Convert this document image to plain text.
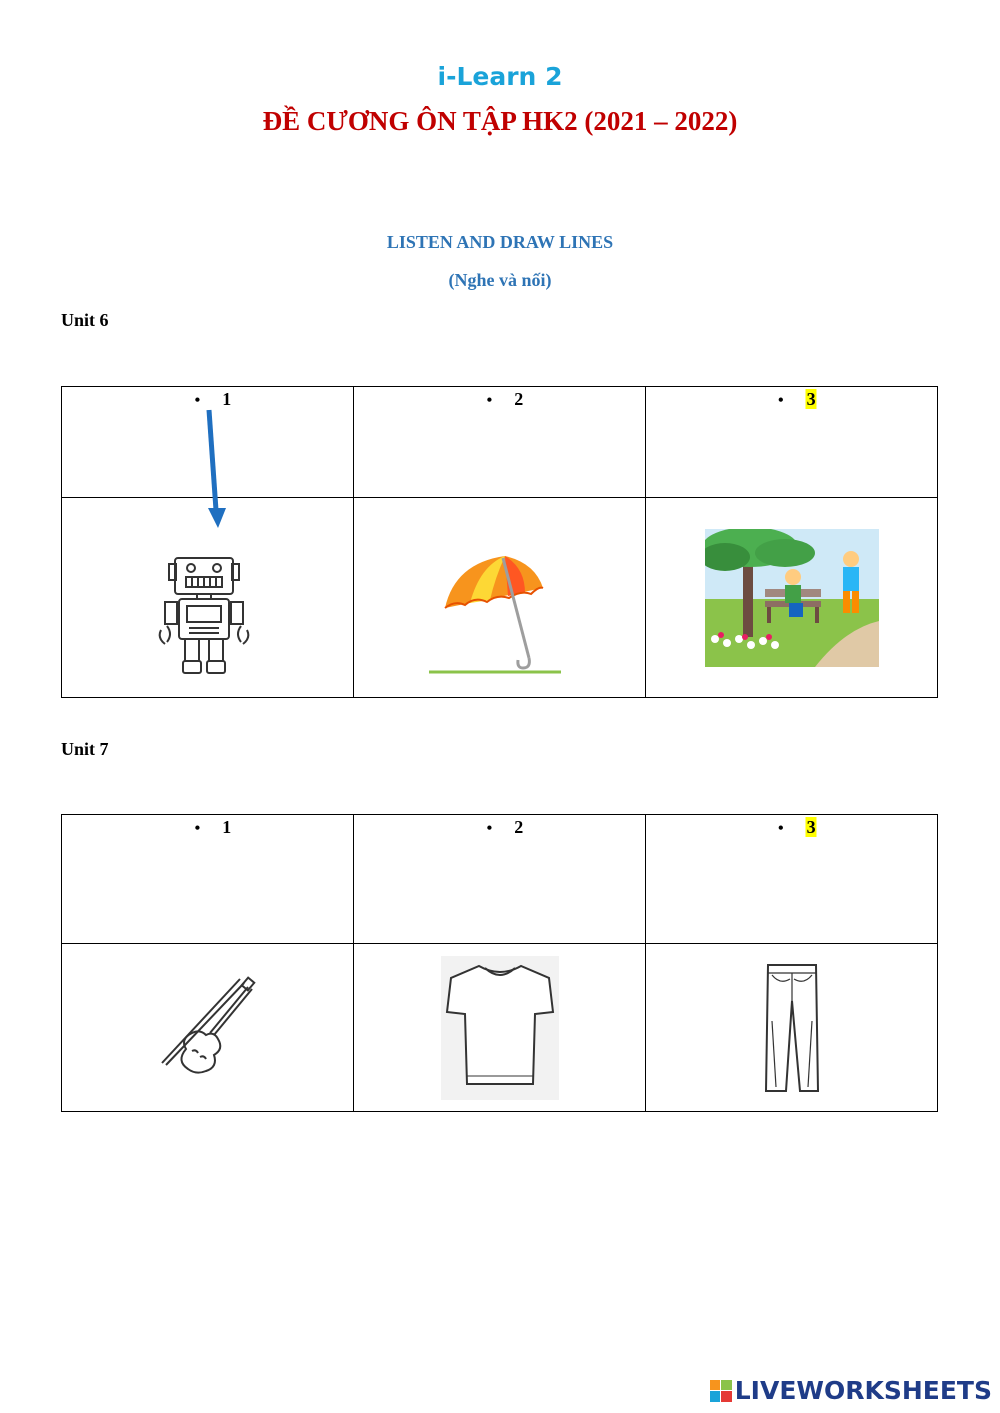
i-Learn 2
ĐỀ CƯƠNG ÔN TẬP HK2 (2021 – 2022)
LISTEN AND DRAW LINES
(Nghe và nối)
Unit 6
• 1	• 2	• 3

Unit 7
• 1	• 2	• 3

LIVEWORKSHEETS
